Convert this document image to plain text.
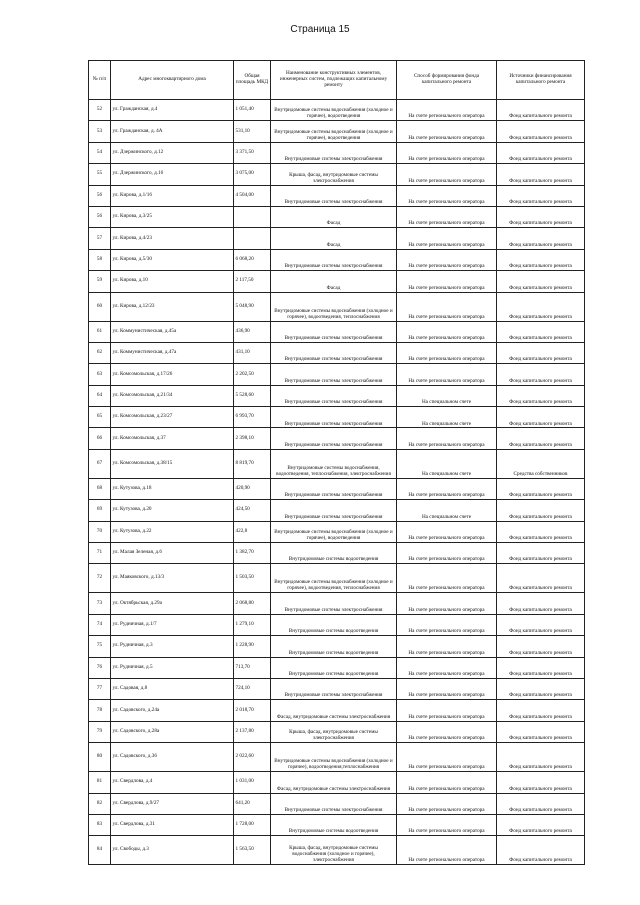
Страница 15
№ п/п	Адрес многоквартирного дома	Общая площадь МКД	Наименование конструктивных элементов, инженерных систем, подлежащих капитальному ремонту	Способ формирования фонда капитального ремонта	Источники финансирования капитального ремонта
52	ул. Гражданская, д.4	1 051,40	Внутридомовые системы водоснабжения (холодное и горячее), водоотведения	На счете регионального оператора	Фонд капитального ремонта
53	ул. Гражданская, д. 4А	531,10	Внутридомовые системы водоснабжения (холодное и горячее), водоотведения	На счете регионального оператора	Фонд капитального ремонта
54	ул. Дзержинского, д.12	3 371,50	Внутридомовые системы электроснабжения	На счете регионального оператора	Фонд капитального ремонта
55	ул. Дзержинского, д.16	3 075,00	Крыша, фасад, внутридомовые системы электроснабжения	На счете регионального оператора	Фонд капитального ремонта
56	ул. Кирова, д.1/16	4 504,00	Внутридомовые системы электроснабжения	На счете регионального оператора	Фонд капитального ремонта
56	ул. Кирова, д.3/25		Фасад	На счете регионального оператора	Фонд капитального ремонта
57	ул. Кирова, д.4/23		Фасад	На счете регионального оператора	Фонд капитального ремонта
58	ул. Кирова, д.5/30	6 068,20	Внутридомовые системы электроснабжения	На счете регионального оператора	Фонд капитального ремонта
59	ул. Кирова, д.10	2 117,50	Фасад	На счете регионального оператора	Фонд капитального ремонта
60	ул. Кирова, д.12/23	5 048,90	Внутридомовые системы водоснабжения (холодное и горячее), водоотведения, теплоснабжения	На счете регионального оператора	Фонд капитального ремонта
61	ул. Коммунистическая, д.45а	436,90	Внутридомовые системы электроснабжения	На счете регионального оператора	Фонд капитального ремонта
62	ул. Коммунистическая, д.47а	431,10	Внутридомовые системы электроснабжения	На счете регионального оператора	Фонд капитального ремонта
63	ул. Комсомольская, д.17/26	2 202,50	Внутридомовые системы электроснабжения	На счете регионального оператора	Фонд капитального ремонта
64	ул. Комсомольская, д.21/34	5 528,60	Внутридомовые системы электроснабжения	На специальном счете	Фонд капитального ремонта
65	ул. Комсомольская, д.23/27	6 993,70	Внутридомовые системы электроснабжения	На специальном счете	Фонд капитального ремонта
66	ул. Комсомольская, д.37	2 398,10	Внутридомовые системы электроснабжения	На счете регионального оператора	Фонд капитального ремонта
67	ул. Комсомольская, д.38/15	8 819,70	Внутридомовые системы водоснабжения, водоотведения, теплоснабжения, электроснабжения	На специальном счете	Средства собственников
68	ул. Кутузова, д.18	420,90	Внутридомовые системы электроснабжения	На счете регионального оператора	Фонд капитального ремонта
69	ул. Кутузова, д.20	424,50	Внутридомовые системы электроснабжения	На специальном счете	Фонд капитального ремонта
70	ул. Кутузова, д.22	422,8	Внутридомовые системы водоснабжения (холодное и горячее), водоотведения	На счете регионального оператора	Фонд капитального ремонта
71	ул. Малая Зеленая, д.6	1 382,70	Внутридомовые системы водоотведения	На счете регионального оператора	Фонд капитального ремонта
72	ул. Маяковского, д.13/3	1 503,50	Внутридомовые системы водоснабжения (холодное и горячее), водоотведения, теплоснабжения	На счете регионального оператора	Фонд капитального ремонта
73	ул. Октябрьская, д.29а	2 068,80	Внутридомовые системы электроснабжения	На счете регионального оператора	Фонд капитального ремонта
74	ул. Рудничная, д.1/7	1 279,10	Внутридомовые системы водоотведения	На счете регионального оператора	Фонд капитального ремонта
75	ул. Рудничная, д.3	1 228,90	Внутридомовые системы водоотведения	На счете регионального оператора	Фонд капитального ремонта
76	ул. Рудничная, д.5	713,70	Внутридомовые системы водоотведения	На счете регионального оператора	Фонд капитального ремонта
77	ул. Садовая, д.8	724,10	Внутридомовые системы электроснабжения	На счете регионального оператора	Фонд капитального ремонта
78	ул. Садовского, д.24а	2 018,70	Фасад, внутридомовые системы электроснабжения	На счете регионального оператора	Фонд капитального ремонта
79	ул. Садовского, д.28а	2 137,80	Крыша, фасад, внутридомовые системы электроснабжения	На счете регионального оператора	Фонд капитального ремонта
80	ул. Садовского, д.36	2 022,60	Внутридомовые системы водоснабжения (холодное и горячее), водоотведения,теплоснабжения	На счете регионального оператора	Фонд капитального ремонта
81	ул. Свердлова, д.4	1 031,00	Фасад, внутридомовые системы электроснабжения	На счете регионального оператора	Фонд капитального ремонта
82	ул. Свердлова, д.9/27	641,20	Внутридомовые системы электроснабжения	На счете регионального оператора	Фонд капитального ремонта
83	ул. Свердлова, д.31	1 728,00	Внутридомовые системы водоотведения	На счете регионального оператора	Фонд капитального ремонта
84	ул. Свободы, д.3	1 563,50	Крыша, фасад, внутридомовые системы водоснабжения (холодное и горячее), электроснабжения	На счете регионального оператора	Фонд капитального ремонта
